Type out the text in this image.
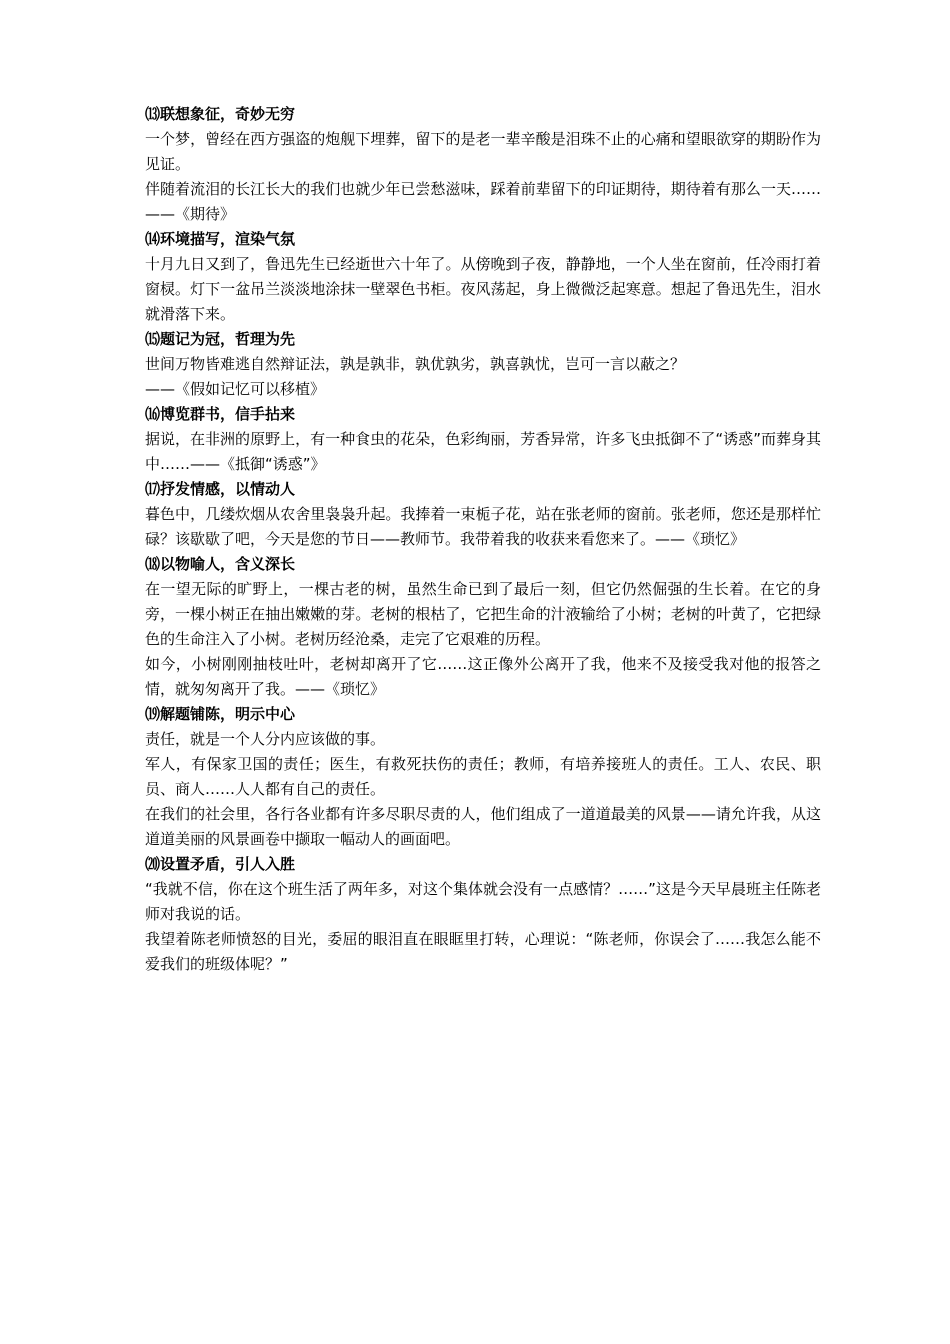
⒀联想象征，奇妙无穷

一个梦，曾经在西方强盗的炮舰下埋葬，留下的是老一辈辛酸是泪珠不止的心痛和望眼欲穿的期盼作为见证。

伴随着流泪的长江长大的我们也就少年已尝愁滋味，踩着前辈留下的印证期待，期待着有那么一天……——《期待》

⒁环境描写，渲染气氛

十月九日又到了，鲁迅先生已经逝世六十年了。从傍晚到子夜，静静地，一个人坐在窗前，任冷雨打着窗棂。灯下一盆吊兰淡淡地涂抹一壁翠色书柜。夜风荡起，身上微微泛起寒意。想起了鲁迅先生，泪水就滑落下来。

⒂题记为冠，哲理为先

世间万物皆难逃自然辩证法，孰是孰非，孰优孰劣，孰喜孰忧，岂可一言以蔽之？

——《假如记忆可以移植》

⒃博览群书，信手拈来

据说，在非洲的原野上，有一种食虫的花朵，色彩绚丽，芳香异常，许多飞虫抵御不了“诱惑”而葬身其中……——《抵御“诱惑”》

⒄抒发情感，以情动人

暮色中，几缕炊烟从农舍里袅袅升起。我捧着一束栀子花，站在张老师的窗前。张老师，您还是那样忙碌？该歇歇了吧，今天是您的节日——教师节。我带着我的收获来看您来了。——《琐忆》

⒅以物喻人，含义深长

在一望无际的旷野上，一棵古老的树，虽然生命已到了最后一刻，但它仍然倔强的生长着。在它的身旁，一棵小树正在抽出嫩嫩的芽。老树的根枯了，它把生命的汁液输给了小树；老树的叶黄了，它把绿色的生命注入了小树。老树历经沧桑，走完了它艰难的历程。

如今，小树刚刚抽枝吐叶，老树却离开了它……这正像外公离开了我，他来不及接受我对他的报答之情，就匆匆离开了我。——《琐忆》

⒆解题铺陈，明示中心

责任，就是一个人分内应该做的事。

军人，有保家卫国的责任；医生，有救死扶伤的责任；教师，有培养接班人的责任。工人、农民、职员、商人……人人都有自己的责任。

在我们的社会里，各行各业都有许多尽职尽责的人，他们组成了一道道最美的风景——请允许我，从这道道美丽的风景画卷中撷取一幅动人的画面吧。

⒇设置矛盾，引人入胜

“我就不信，你在这个班生活了两年多，对这个集体就会没有一点感情？……”这是今天早晨班主任陈老师对我说的话。

我望着陈老师愤怒的目光，委屈的眼泪直在眼眶里打转，心理说：“陈老师，你误会了……我怎么能不爱我们的班级体呢？”
